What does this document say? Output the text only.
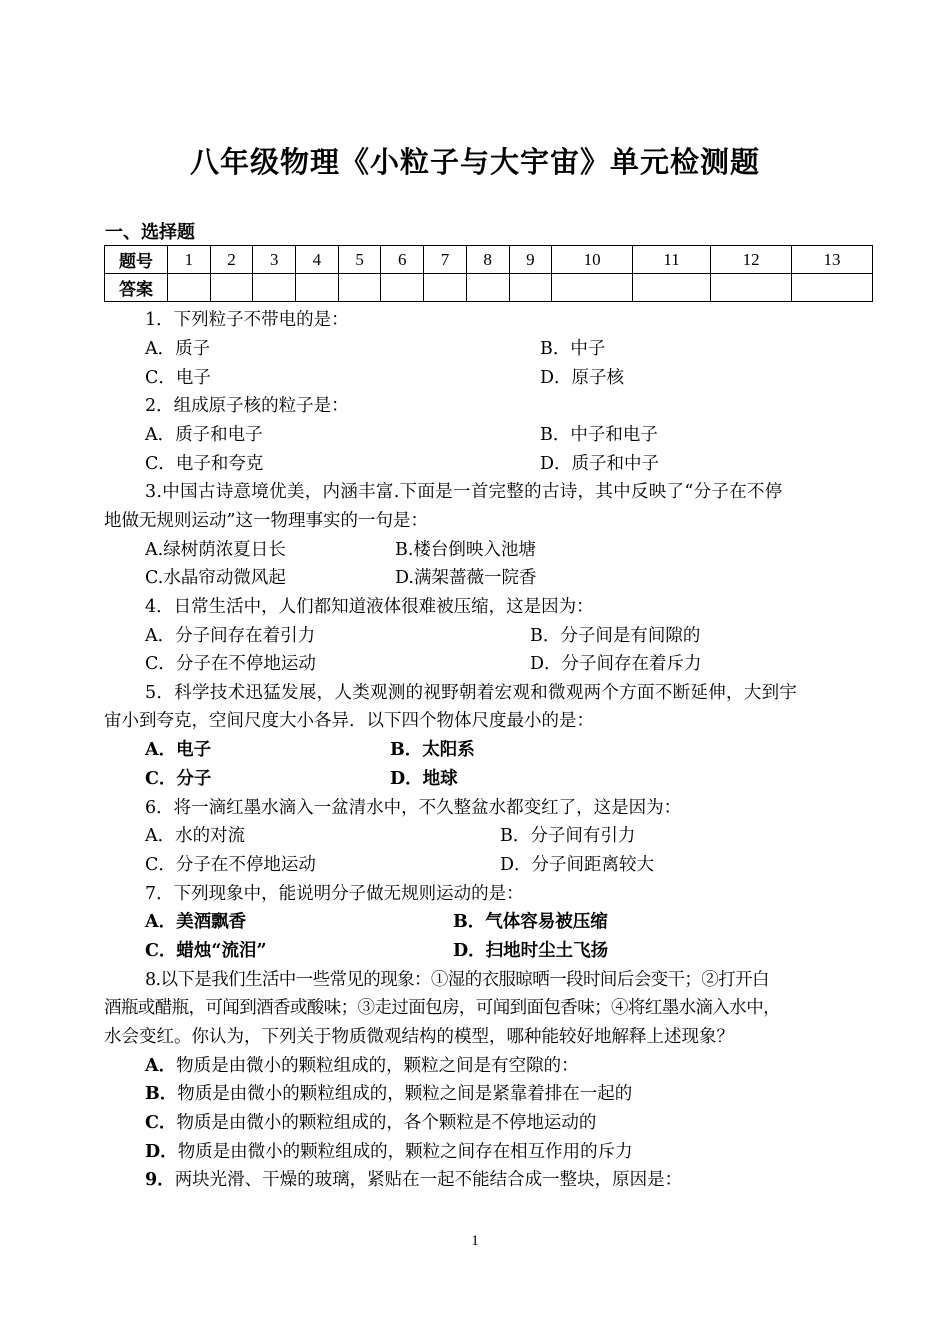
八年级物理《小粒子与大宇宙》单元检测题
一、选择题
题号	1	2	3	4	5	6	7	8	9	10	11	12	13
答案													
1．下列粒子不带电的是：
A．质子	B．中子
C．电子	D．原子核
2．组成原子核的粒子是：
A．质子和电子	B．中子和电子
C．电子和夸克	D．质子和中子
3.中国古诗意境优美，内涵丰富.下面是一首完整的古诗，其中反映了“分子在不停
地做无规则运动”这一物理事实的一句是：
A.绿树荫浓夏日长	B.楼台倒映入池塘
C.水晶帘动微风起	D.满架蔷薇一院香
4．日常生活中，人们都知道液体很难被压缩，这是因为：
A．分子间存在着引力	B．分子间是有间隙的
C．分子在不停地运动	D．分子间存在着斥力
5．科学技术迅猛发展，人类观测的视野朝着宏观和微观两个方面不断延伸，大到宇
宙小到夸克，空间尺度大小各异．以下四个物体尺度最小的是：
A．电子	B．太阳系
C．分子	D．地球
6．将一滴红墨水滴入一盆清水中，不久整盆水都变红了，这是因为：
A．水的对流	B．分子间有引力
C．分子在不停地运动	D．分子间距离较大
7．下列现象中，能说明分子做无规则运动的是：
A．美酒飘香	B．气体容易被压缩
C．蜡烛“流泪”	D．扫地时尘土飞扬
8.以下是我们生活中一些常见的现象：①湿的衣服晾晒一段时间后会变干；②打开白
酒瓶或醋瓶，可闻到酒香或酸味；③走过面包房，可闻到面包香味；④将红墨水滴入水中，
水会变红。你认为，下列关于物质微观结构的模型，哪种能较好地解释上述现象？
A．物质是由微小的颗粒组成的，颗粒之间是有空隙的：
B．物质是由微小的颗粒组成的，颗粒之间是紧靠着排在一起的
C．物质是由微小的颗粒组成的，各个颗粒是不停地运动的
D．物质是由微小的颗粒组成的，颗粒之间存在相互作用的斥力
9．两块光滑、干燥的玻璃，紧贴在一起不能结合成一整块，原因是：
1
